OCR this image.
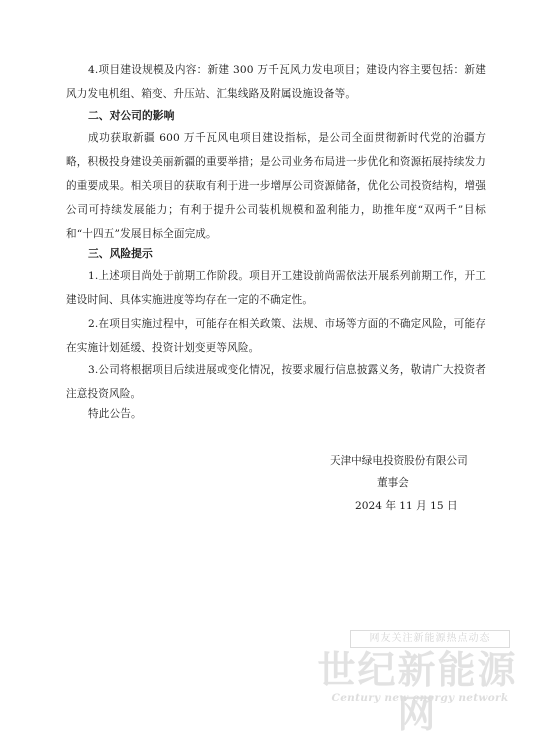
4.项目建设规模及内容：新建 300 万千瓦风力发电项目；建设内容主要包括：新建风力发电机组、箱变、升压站、汇集线路及附属设施设备等。

二、对公司的影响

成功获取新疆 600 万千瓦风电项目建设指标，是公司全面贯彻新时代党的治疆方略，积极投身建设美丽新疆的重要举措；是公司业务布局进一步优化和资源拓展持续发力的重要成果。相关项目的获取有利于进一步增厚公司资源储备，优化公司投资结构，增强公司可持续发展能力；有利于提升公司装机规模和盈利能力，助推年度“双两千”目标和“十四五”发展目标全面完成。

三、风险提示

1.上述项目尚处于前期工作阶段。项目开工建设前尚需依法开展系列前期工作，开工建设时间、具体实施进度等均存在一定的不确定性。

2.在项目实施过程中，可能存在相关政策、法规、市场等方面的不确定风险，可能存在实施计划延缓、投资计划变更等风险。

3.公司将根据项目后续进展或变化情况，按要求履行信息披露义务，敬请广大投资者注意投资风险。

特此公告。

天津中绿电投资股份有限公司
董事会
2024 年 11 月 15 日
网友关注新能源热点动态
世纪新能源网
Century new energy network
